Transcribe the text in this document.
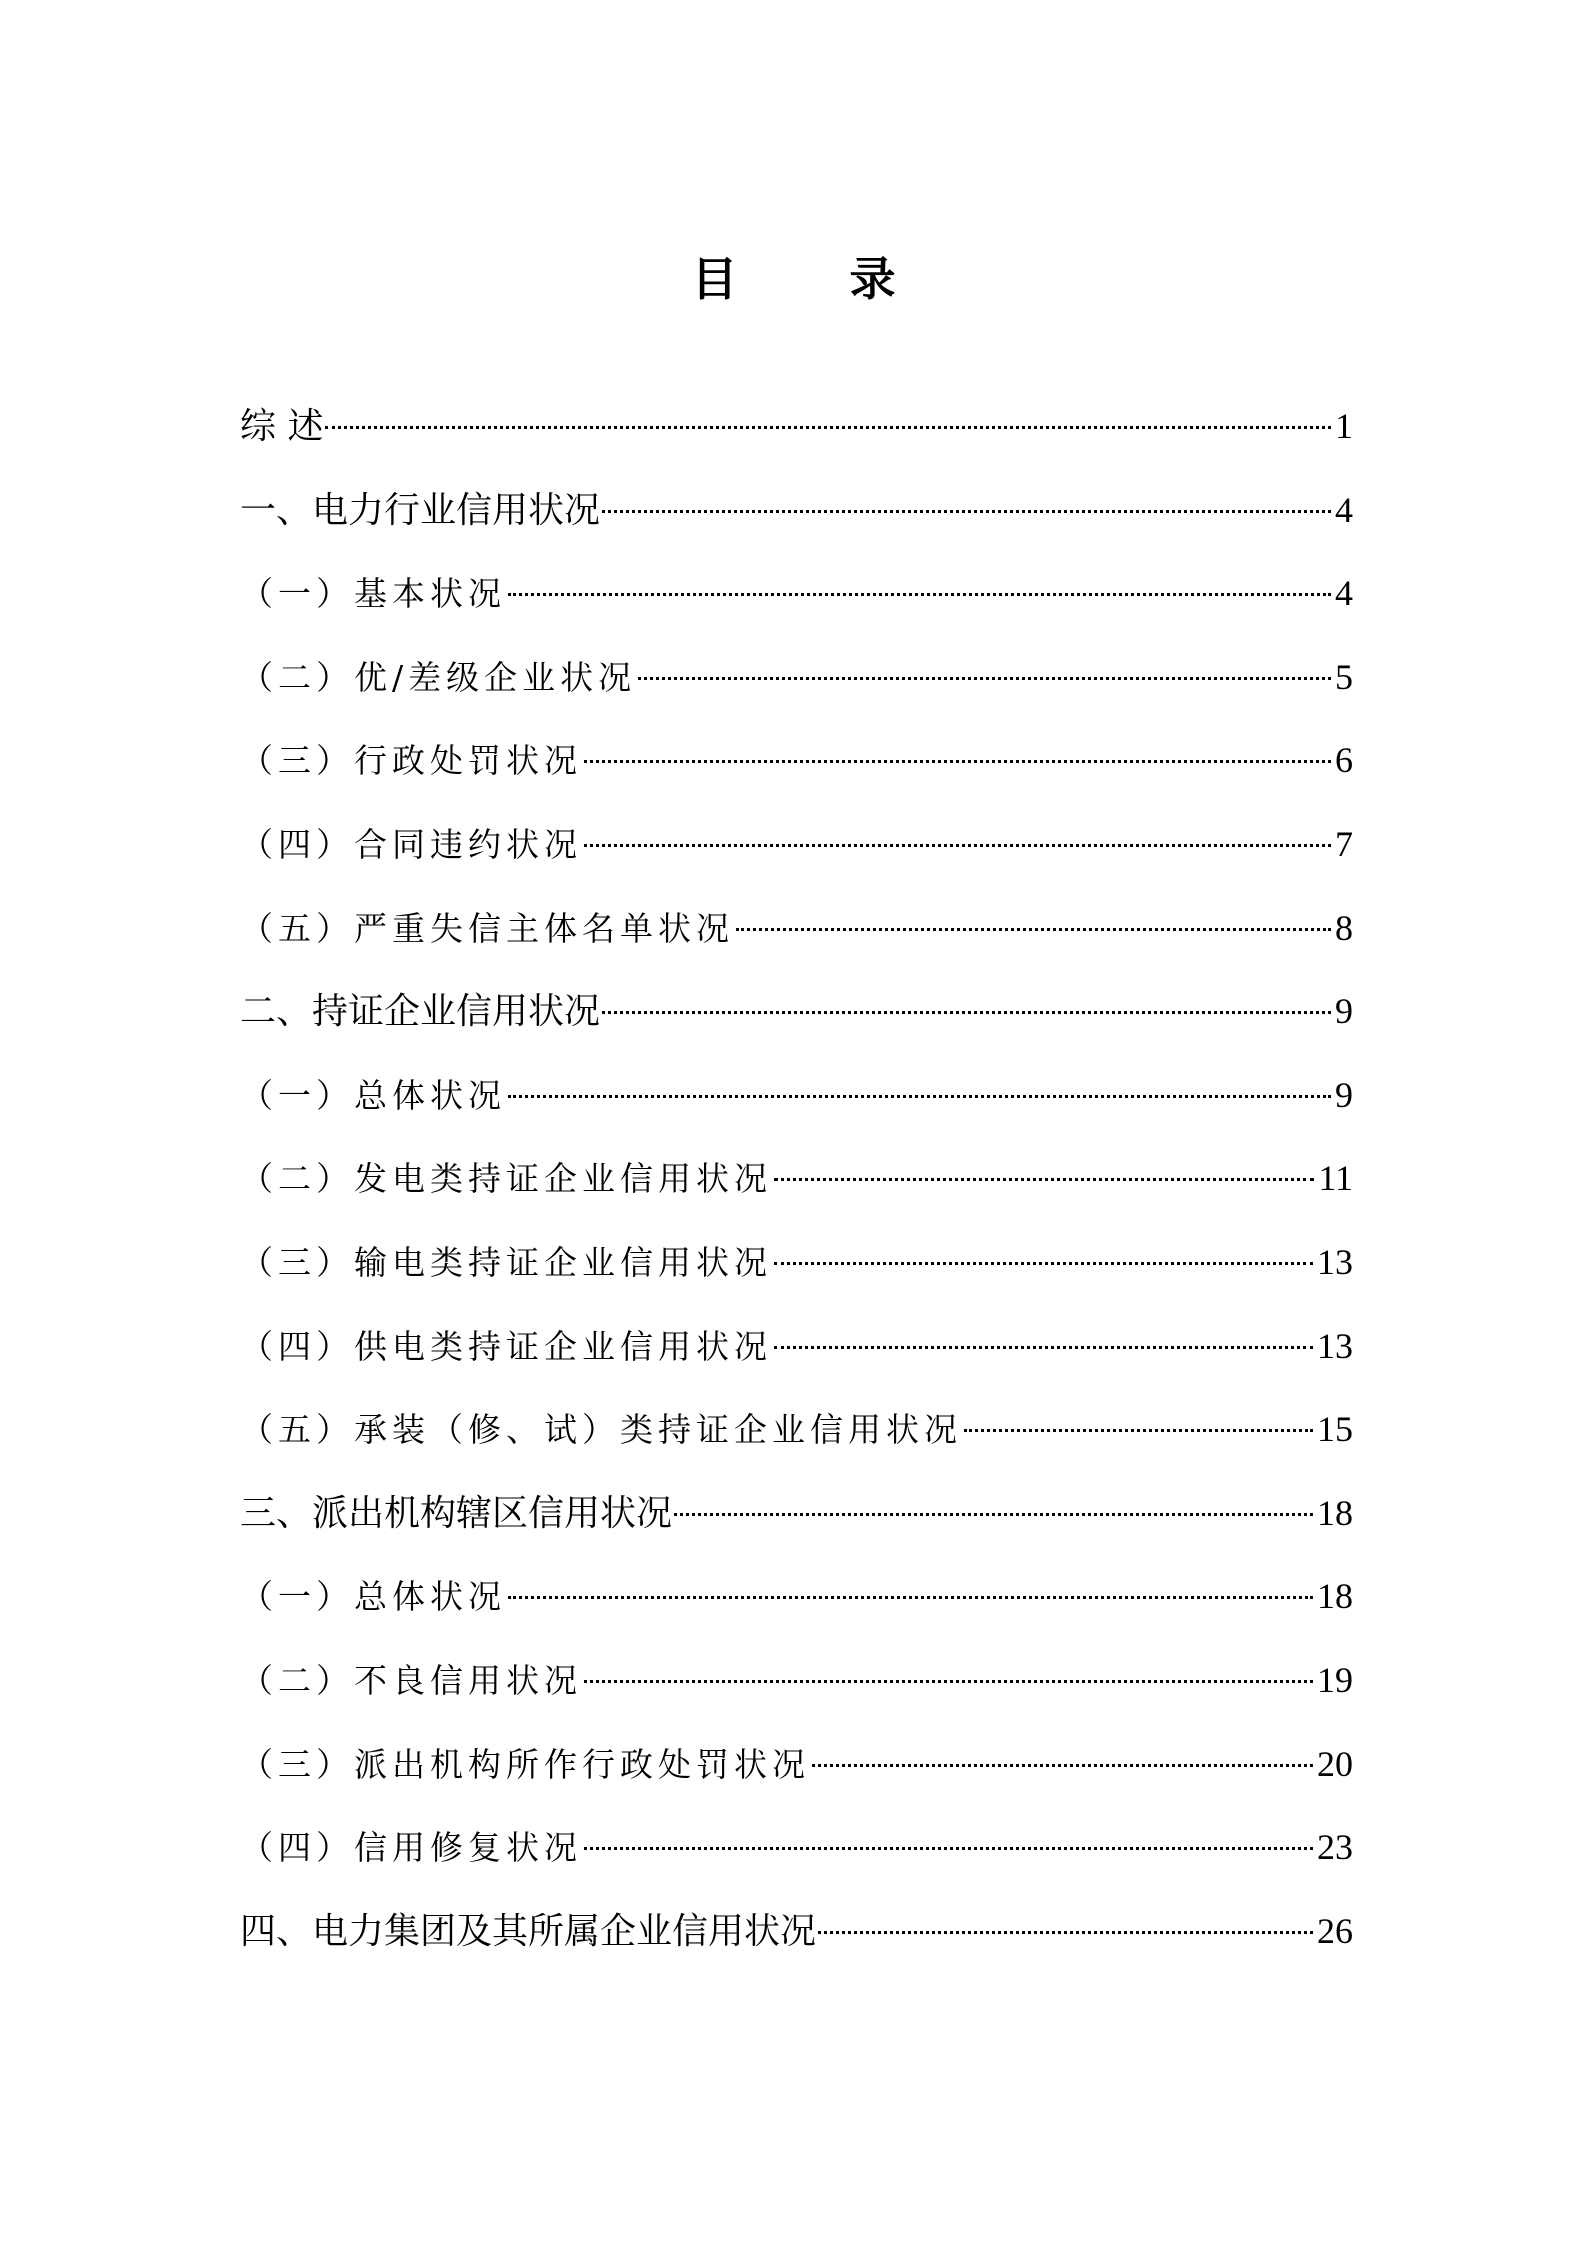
目 录
综 述	1
一、电力行业信用状况	4
（一）基本状况	4
（二）优/差级企业状况	5
（三）行政处罚状况	6
（四）合同违约状况	7
（五）严重失信主体名单状况	8
二、持证企业信用状况	9
（一）总体状况	9
（二）发电类持证企业信用状况	11
（三）输电类持证企业信用状况	13
（四）供电类持证企业信用状况	13
（五）承装（修、试）类持证企业信用状况	15
三、派出机构辖区信用状况	18
（一）总体状况	18
（二）不良信用状况	19
（三）派出机构所作行政处罚状况	20
（四）信用修复状况	23
四、电力集团及其所属企业信用状况	26
